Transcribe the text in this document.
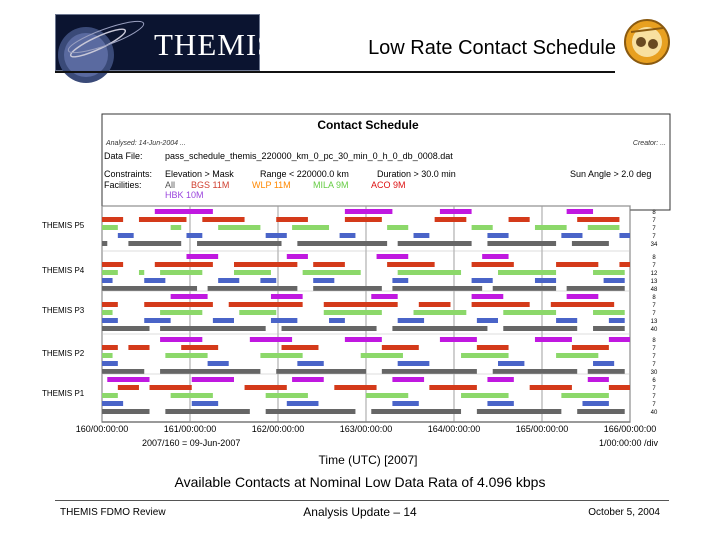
THEMIS	Low Rate Contact Schedule
Contact Schedule
Analysed: 14-Jun-2004 ...	Creator: ...
Data File: pass_schedule_themis_220000_km_0_pc_30_min_0_h_0_db_0008.dat
Constraints: Elevation > Mask	Range < 220000.0 km	Duration > 30.0 min	Sun Angle > 2.0 deg
Facilities:	All BGS 11M	WLP 11M MILA 9M ACO 9M
HBK 10M
THEMIS P5
8
7
7
7
34
THEMIS P4
8
7
12
13
48
THEMIS P3
8
7
7
13
40
THEMIS P2
8
7
7
7
30
THEMIS P1
6
7
7
7
40
160/00:00:00	161/00:00:00	162/00:00:00	163/00:00:00	164/00:00:00	165/00:00:00	166/00:00:00
2007/160 = 09-Jun-2007	1/00:00:00 /div
Time (UTC) [2007]
Available Contacts at Nominal Low Data Rata of 4.096 kbps
THEMIS FDMO Review	Analysis Update – 14	October 5, 2004
